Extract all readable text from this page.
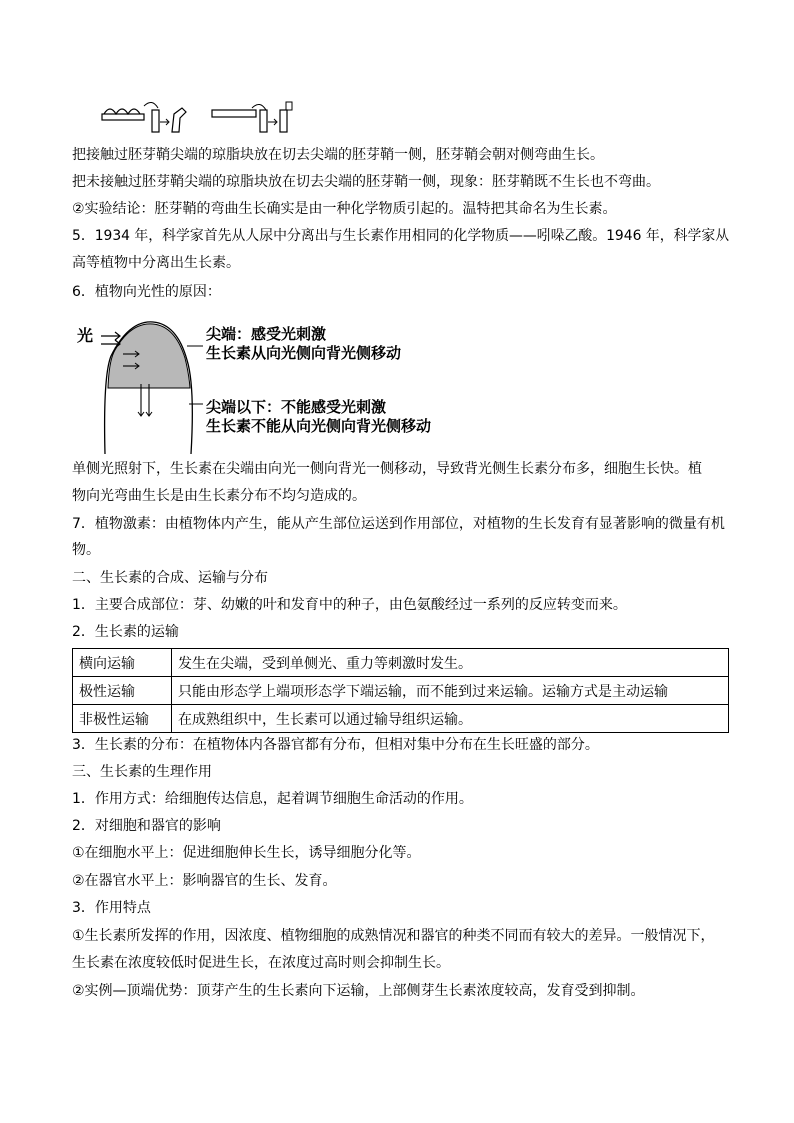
把接触过胚芽鞘尖端的琼脂块放在切去尖端的胚芽鞘一侧，胚芽鞘会朝对侧弯曲生长。
把未接触过胚芽鞘尖端的琼脂块放在切去尖端的胚芽鞘一侧，现象：胚芽鞘既不生长也不弯曲。
②实验结论：胚芽鞘的弯曲生长确实是由一种化学物质引起的。温特把其命名为生长素。
5．1934 年，科学家首先从人尿中分离出与生长素作用相同的化学物质——吲哚乙酸。1946 年，科学家从
高等植物中分离出生长素。
6．植物向光性的原因：
光	尖端：感受光刺激
生长素从向光侧向背光侧移动
尖端以下：不能感受光刺激
生长素不能从向光侧向背光侧移动
单侧光照射下，生长素在尖端由向光一侧向背光一侧移动，导致背光侧生长素分布多，细胞生长快。植
物向光弯曲生长是由生长素分布不均匀造成的。
7．植物激素：由植物体内产生，能从产生部位运送到作用部位，对植物的生长发育有显著影响的微量有机
物。
二、生长素的合成、运输与分布
1．主要合成部位：芽、幼嫩的叶和发育中的种子，由色氨酸经过一系列的反应转变而来。
2．生长素的运输
横向运输	发生在尖端，受到单侧光、重力等刺激时发生。
极性运输	只能由形态学上端项形态学下端运输，而不能到过来运输。运输方式是主动运输
非极性运输	在成熟组织中，生长素可以通过输导组织运输。
3．生长素的分布：在植物体内各器官都有分布，但相对集中分布在生长旺盛的部分。
三、生长素的生理作用
1．作用方式：给细胞传达信息，起着调节细胞生命活动的作用。
2．对细胞和器官的影响
①在细胞水平上：促进细胞伸长生长，诱导细胞分化等。
②在器官水平上：影响器官的生长、发育。
3．作用特点
①生长素所发挥的作用，因浓度、植物细胞的成熟情况和器官的种类不同而有较大的差异。一般情况下，
生长素在浓度较低时促进生长，在浓度过高时则会抑制生长。
②实例—顶端优势：顶芽产生的生长素向下运输，上部侧芽生长素浓度较高，发育受到抑制。
